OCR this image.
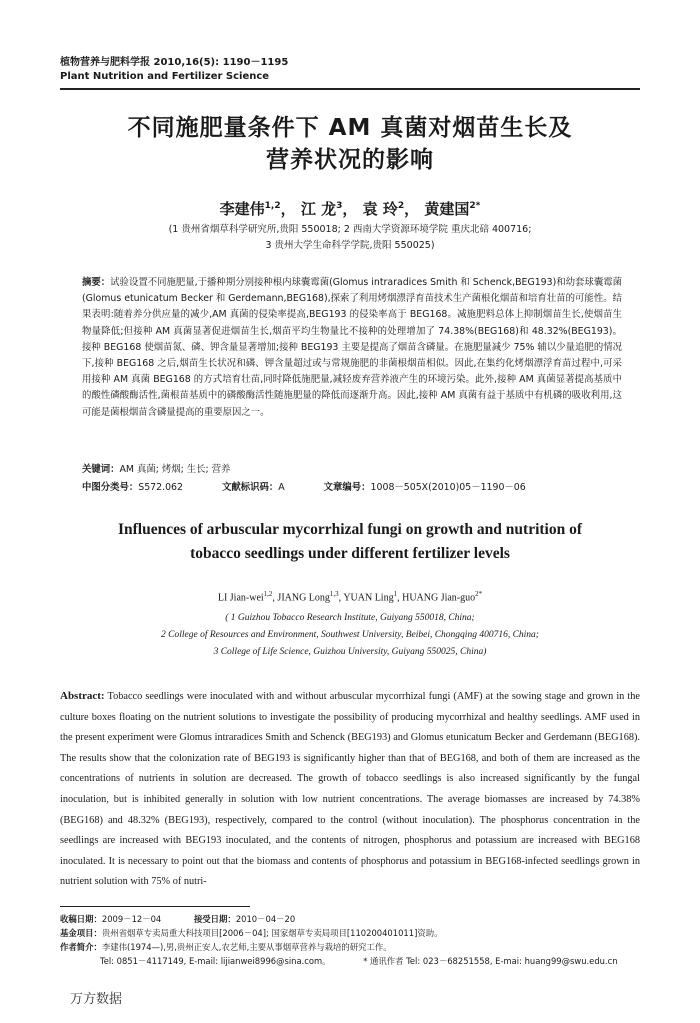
植物营养与肥料学报 2010,16(5): 1190－1195
Plant Nutrition and Fertilizer Science
不同施肥量条件下 AM 真菌对烟苗生长及
营养状况的影响
李建伟$^{1,2}$， 江 龙$^3$， 袁 玲$^2$， 黄建国$^{2*}$
(1 贵州省烟草科学研究所,贵阳 550018; 2 西南大学资源环境学院 重庆北碚 400716;
3 贵州大学生命科学学院,贵阳 550025)
摘要：试验设置不同施肥量,于播种期分别接种根内球囊霉菌(Glomus intraradices Smith 和 Schenck,BEG193)和幼套球囊霉菌(Glomus etunicatum Becker 和 Gerdemann,BEG168),探索了利用烤烟漂浮育苗技术生产菌根化烟苗和培育壮苗的可能性。结果表明:随着养分供应量的减少,AM 真菌的侵染率提高,BEG193 的侵染率高于 BEG168。减施肥料总体上抑制烟苗生长,使烟苗生物量降低;但接种 AM 真菌显著促进烟苗生长,烟苗平均生物量比不接种的处理增加了 74.38%(BEG168)和 48.32%(BEG193)。接种 BEG168 使烟苗氮、磷、钾含量显著增加;接种 BEG193 主要是提高了烟苗含磷量。在施肥量减少 75% 辅以少量追肥的情况下,接种 BEG168 之后,烟苗生长状况和磷、钾含量超过或与常规施肥的非菌根烟苗相似。因此,在集约化烤烟漂浮育苗过程中,可采用接种 AM 真菌 BEG168 的方式培育壮苗,同时降低施肥量,减轻废弃营养液产生的环境污染。此外,接种 AM 真菌显著提高基质中的酸性磷酸酶活性,菌根苗基质中的磷酸酶活性随施肥量的降低而逐渐升高。因此,接种 AM 真菌有益于基质中有机磷的吸收利用,这可能是菌根烟苗含磷量提高的重要原因之一。
关键词：AM 真菌; 烤烟; 生长; 营养
中图分类号：S572.062	文献标识码：A	文章编号：1008－505X(2010)05－1190－06
Influences of arbuscular mycorrhizal fungi on growth and nutrition of
tobacco seedlings under different fertilizer levels
LI Jian-wei$^{1,2}$, JIANG Long$^{1,3}$, YUAN Ling$^1$, HUANG Jian-guo$^{2*}$
( 1 Guizhou Tobacco Research Institute, Guiyang 550018, China;
2 College of Resources and Environment, Southwest University, Beibei, Chongqing 400716, China;
3 College of Life Science, Guizhou University, Guiyang 550025, China)
Abstract: Tobacco seedlings were inoculated with and without arbuscular mycorrhizal fungi (AMF) at the sowing stage and grown in the culture boxes floating on the nutrient solutions to investigate the possibility of producing mycorrhizal and healthy seedlings. AMF used in the present experiment were Glomus intraradices Smith and Schenck (BEG193) and Glomus etunicatum Becker and Gerdemann (BEG168). The results show that the colonization rate of BEG193 is significantly higher than that of BEG168, and both of them are increased as the concentrations of nutrients in solution are decreased. The growth of tobacco seedlings is also increased significantly by the fungal inoculation, but is inhibited generally in solution with low nutrient concentrations. The average biomasses are increased by 74.38% (BEG168) and 48.32% (BEG193), respectively, compared to the control (without inoculation). The phosphorus concentration in the seedlings are increased with BEG193 inoculated, and the contents of nitrogen, phosphorus and potassium are increased with BEG168 inoculated. It is necessary to point out that the biomass and contents of phosphorus and potassium in BEG168-infected seedlings grown in nutrient solution with 75% of nutri-
收稿日期：2009－12－04	接受日期：2010－04－20
基金项目：贵州省烟草专卖局重大科技项目[2006－04]; 国家烟草专卖局项目[110200401011]资助。
作者简介：李建伟(1974—),男,贵州正安人,农艺师,主要从事烟草营养与栽培的研究工作。
Tel: 0851－4117149, E-mail: lijianwei8996@sina.com。	* 通讯作者 Tel: 023－68251558, E-mai: huang99@swu.edu.cn
万方数据
